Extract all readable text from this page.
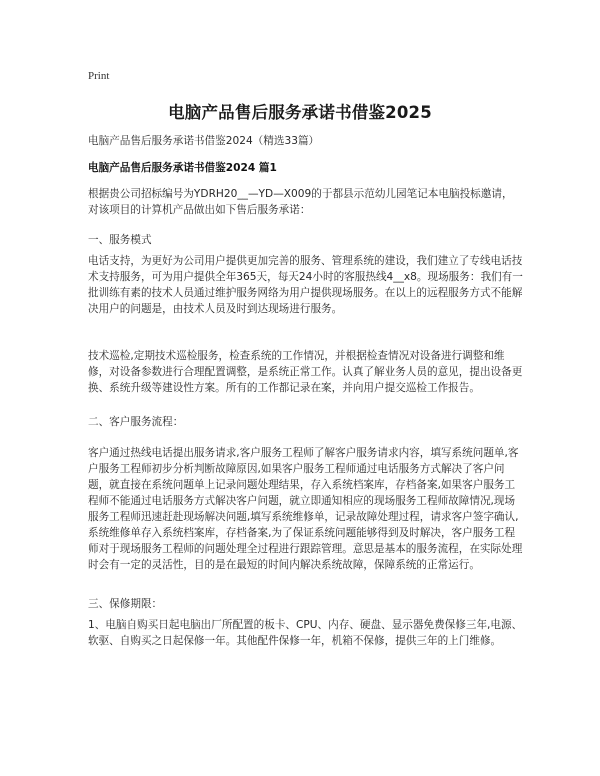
Print
电脑产品售后服务承诺书借鉴2025

电脑产品售后服务承诺书借鉴2024（精选33篇）

电脑产品售后服务承诺书借鉴2024 篇1

根据贵公司招标编号为YDRH20__—YD—X009的于都县示范幼儿园笔记本电脑投标邀请，对该项目的计算机产品做出如下售后服务承诺：

一、服务模式

电话支持，为更好为公司用户提供更加完善的服务、管理系统的建设，我们建立了专线电话技术支持服务，可为用户提供全年365天，每天24小时的客服热线4__x8。现场服务：我们有一批训练有素的技术人员通过维护服务网络为用户提供现场服务。在以上的远程服务方式不能解决用户的问题是，由技术人员及时到达现场进行服务。

技术巡检,定期技术巡检服务，检查系统的工作情况，并根据检查情况对设备进行调整和维修，对设备参数进行合理配置调整，是系统正常工作。认真了解业务人员的意见，提出设备更换、系统升级等建设性方案。所有的工作都记录在案，并向用户提交巡检工作报告。

二、客户服务流程：

客户通过热线电话提出服务请求,客户服务工程师了解客户服务请求内容，填写系统问题单,客户服务工程师初步分析判断故障原因,如果客户服务工程师通过电话服务方式解决了客户问题，就直接在系统问题单上记录问题处理结果，存入系统档案库，存档备案,如果客户服务工程师不能通过电话服务方式解决客户问题，就立即通知相应的现场服务工程师故障情况,现场服务工程师迅速赶赴现场解决问题,填写系统维修单，记录故障处理过程，请求客户签字确认,系统维修单存入系统档案库，存档备案,为了保证系统问题能够得到及时解决，客户服务工程师对于现场服务工程师的问题处理全过程进行跟踪管理。意思是基本的服务流程，在实际处理时会有一定的灵活性，目的是在最短的时间内解决系统故障，保障系统的正常运行。

三、保修期限：

1、电脑自购买日起电脑出厂所配置的板卡、CPU、内存、硬盘、显示器免费保修三年,电源、软驱、自购买之日起保修一年。其他配件保修一年，机箱不保修，提供三年的上门维修。
